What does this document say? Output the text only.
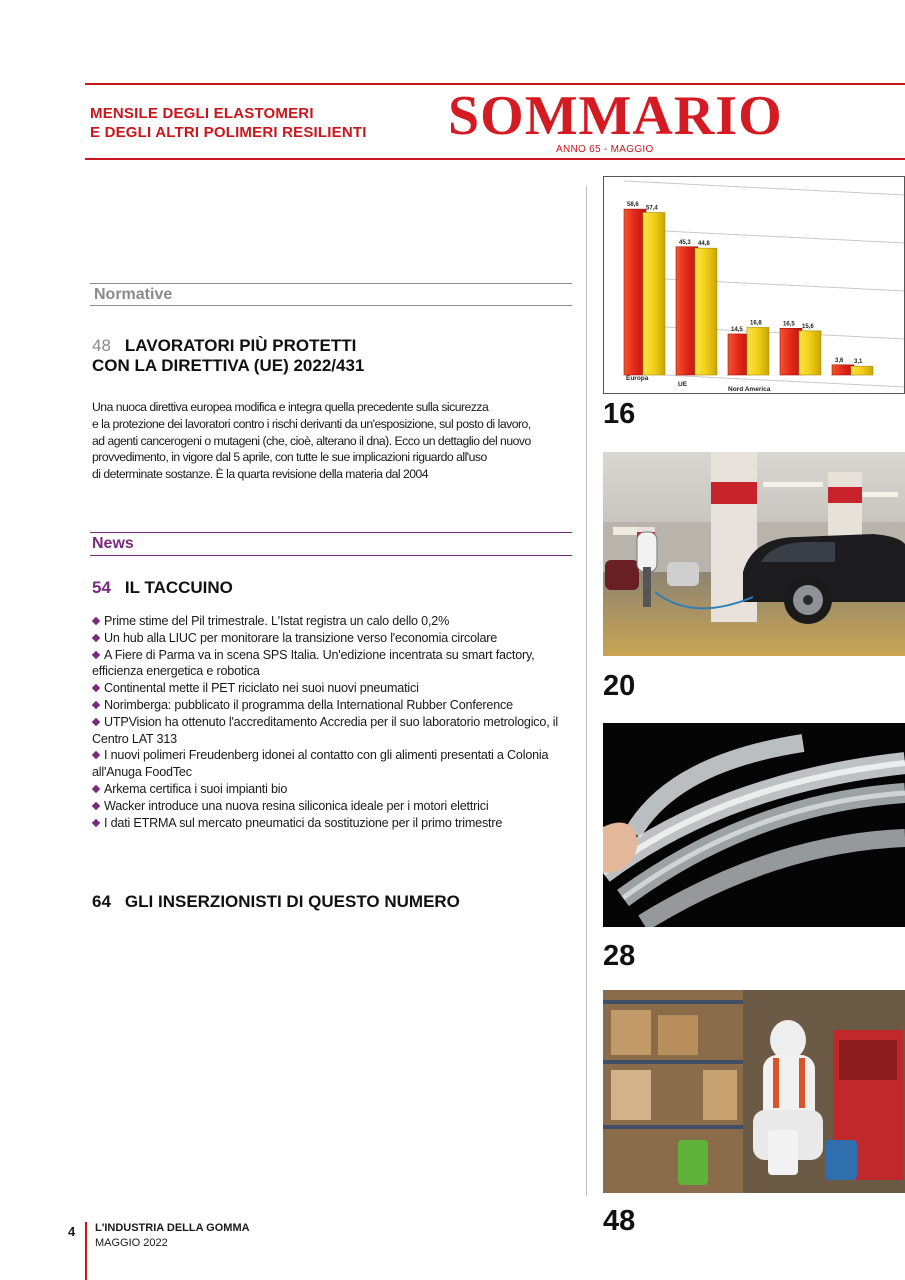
MENSILE DEGLI ELASTOMERI
E DEGLI ALTRI POLIMERI RESILIENTI SOMMARIO
ANNO 65 - MAGGIO
Normative
48 LAVORATORI PIÙ PROTETTI
CON LA DIRETTIVA (UE) 2022/431
Una nuoca direttiva europea modifica e integra quella precedente sulla sicurezza
e la protezione dei lavoratori contro i rischi derivanti da un'esposizione, sul posto di lavoro,
ad agenti cancerogeni o mutageni (che, cioè, alterano il dna). Ecco un dettaglio del nuovo
provvedimento, in vigore dal 5 aprile, con tutte le sue implicazioni riguardo all'uso
di determinate sostanze. È la quarta revisione della materia dal 2004
News
54 IL TACCUINO
Prime stime del Pil trimestrale. L'Istat registra un calo dello 0,2%
Un hub alla LIUC per monitorare la transizione verso l'economia circolare
A Fiere di Parma va in scena SPS Italia. Un'edizione incentrata su smart factory, efficienza energetica e robotica
Continental mette il PET riciclato nei suoi nuovi pneumatici
Norimberga: pubblicato il programma della International Rubber Conference
UTPVision ha ottenuto l'accreditamento Accredia per il suo laboratorio metrologico, il Centro LAT 313
I nuovi polimeri Freudenberg idonei al contatto con gli alimenti presentati a Colonia all'Anuga FoodTec
Arkema certifica i suoi impianti bio
Wacker introduce una nuova resina siliconica ideale per i motori elettrici
I dati ETRMA sul mercato pneumatici da sostituzione per il primo trimestre
64 GLI INSERZIONISTI DI QUESTO NUMERO
58,6
57,4
45,3 44,8
14,5
16,8	16,5 15,6
3,6 3,1
Europa
UE
Nord America
16
20
28
48
4 L'INDUSTRIA DELLA GOMMA
MAGGIO 2022
